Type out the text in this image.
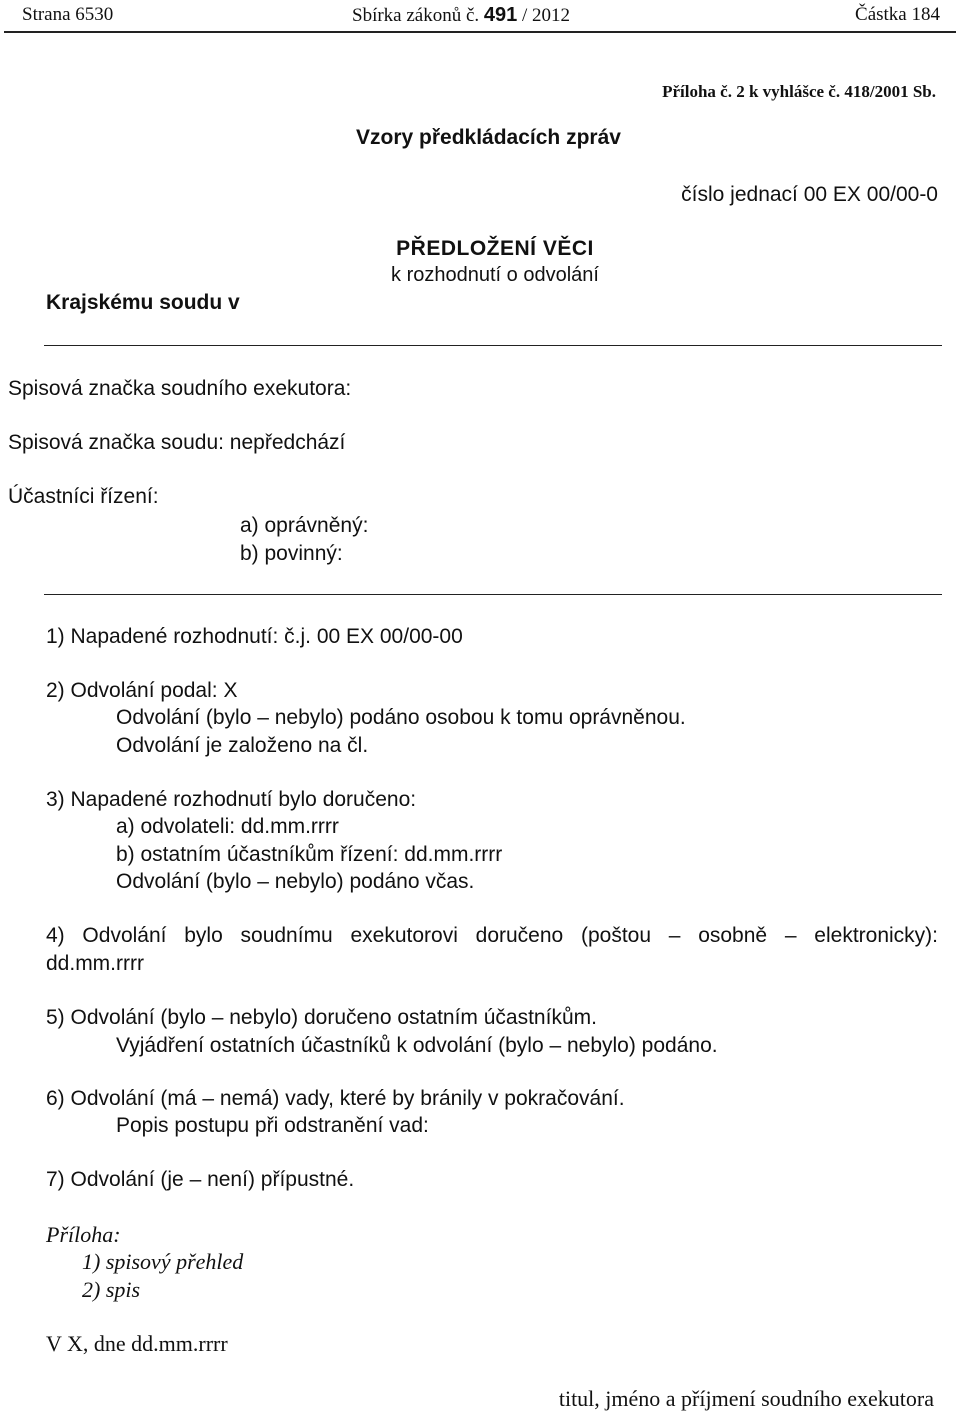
Strana 6530	Sbírka zákonů č. 491 / 2012	Částka 184
Příloha č. 2 k vyhlášce č. 418/2001 Sb.
Vzory předkládacích zpráv
číslo jednací 00 EX 00/00-0
PŘEDLOŽENÍ VĚCI
k rozhodnutí o odvolání
Krajskému soudu v
Spisová značka soudního exekutora:
Spisová značka soudu: nepředchází
Účastníci řízení:
a) oprávněný:
b) povinný:
1) Napadené rozhodnutí: č.j. 00 EX 00/00-00
2) Odvolání podal: X
Odvolání (bylo – nebylo) podáno osobou k tomu oprávněnou.
Odvolání je založeno na čl.
3) Napadené rozhodnutí bylo doručeno:
a) odvolateli: dd.mm.rrrr
b) ostatním účastníkům řízení: dd.mm.rrrr
Odvolání (bylo – nebylo) podáno včas.
4) Odvolání bylo soudnímu exekutorovi doručeno (poštou – osobně – elektronicky):
dd.mm.rrrr
5) Odvolání (bylo – nebylo) doručeno ostatním účastníkům.
Vyjádření ostatních účastníků k odvolání (bylo – nebylo) podáno.
6) Odvolání (má – nemá) vady, které by bránily v pokračování.
Popis postupu při odstranění vad:
7) Odvolání (je – není) přípustné.
Příloha:
1) spisový přehled
2) spis
V X, dne dd.mm.rrrr
titul, jméno a příjmení soudního exekutora
